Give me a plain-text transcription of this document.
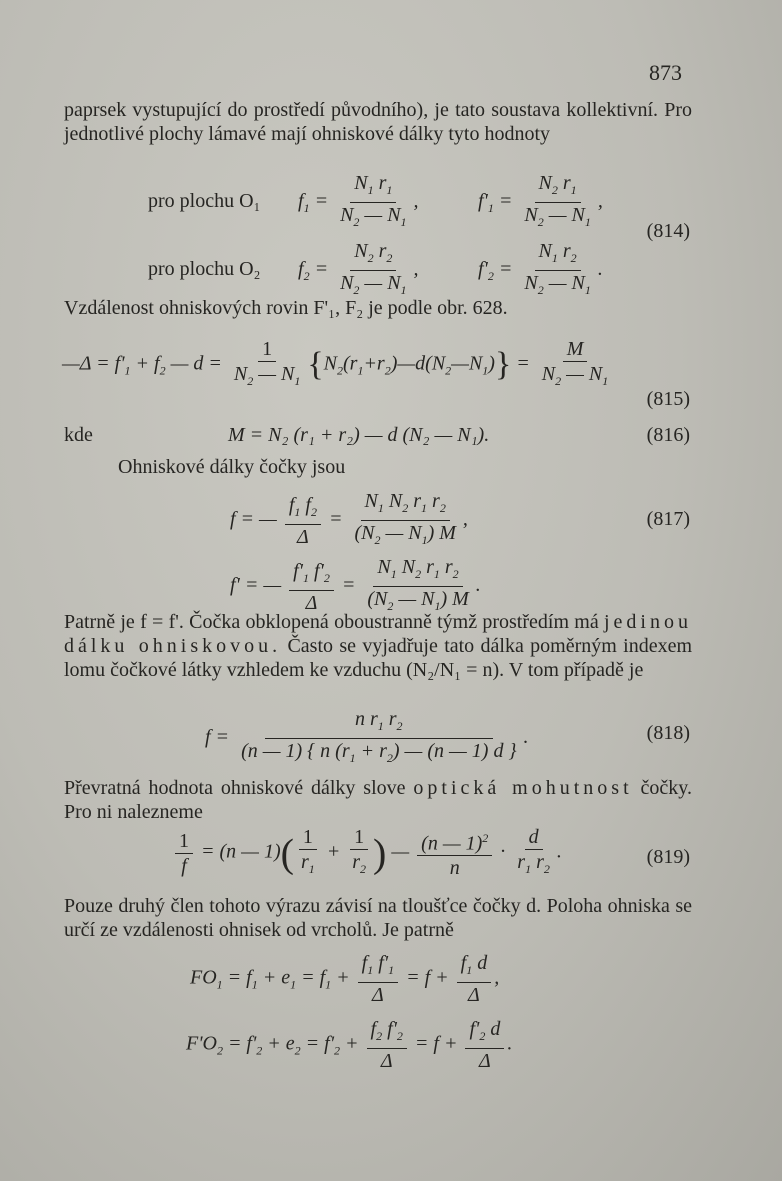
873
paprsek vystupující do prostředí původního), je tato soustava kollektivní. Pro jednotlivé plochy lámavé mají ohniskové dálky tyto hodnoty
pro plochu O₁ $f_1 = \frac{N_1 r_1}{N_2 — N_1}$ ,	$f'_1 = \frac{N_2 r_1}{N_2 — N_1}$ ,
pro plochu O₂ $f_2 = \frac{N_2 r_2}{N_2 — N_1}$ ,	$f'_2 = \frac{N_1 r_2}{N_2 — N_1}$ .
(814)
Vzdálenost ohniskových rovin F'₁, F₂ je podle obr. 628.
—Δ = $f'_1 + f_2$ — $d = \frac{1}{N_2 — N_1}$ $\{N_2(r_1+r_2)—d(N_2—N_1)\} = \frac{M}{N_2 — N_1}$
(815)
kde	M = N₂ (r₁ + r₂) — d (N₂ — N₁).	(816)
Ohniskové dálky čočky jsou
f = — $\frac{f_1 f_2}{\Delta} = \frac{N_1 N_2 r_1 r_2}{(N_2 — N_1) M}$ ,
f' = — $\frac{f'_1 f'_2}{\Delta} = \frac{N_1 N_2 r_1 r_2}{(N_2 — N_1) M}$ .
(817)
Patrně je f = f'. Čočka obklopená oboustranně týmž prostředím má jedinou dálku ohniskovou. Často se vyjadřuje tato dálka poměrným indexem lomu čočkové látky vzhledem ke vzduchu (N₂/N₁ = n). V tom případě je
$f = \frac{n r_1 r_2}{(n — 1) \{ n (r_1 + r_2) — (n — 1) d \}}$ .	(818)
Převratná hodnota ohniskové dálky slove optická mohutnost čočky. Pro ni nalezneme
$\frac{1}{f} = (n$ — $1)( \frac{1}{r_1} + \frac{1}{r_2}$ ) — $\frac{(n — 1)^2}{n} \cdot \frac{d}{r_1 r_2}$ .	(819)
Pouze druhý člen tohoto výrazu závisí na tloušťce čočky d. Poloha ohniska se určí ze vzdálenosti ohnisek od vrcholů. Je patrně
$FO_1 = f_1 + e_1 = f_1 + \frac{f_1 f'_1}{\Delta} = f + \frac{f_1 d}{\Delta}$ ,
$F'O_2 = f'_2 + e_2 = f'_2 + \frac{f_2 f'_2}{\Delta} = f + \frac{f'_2 d}{\Delta}$ .
